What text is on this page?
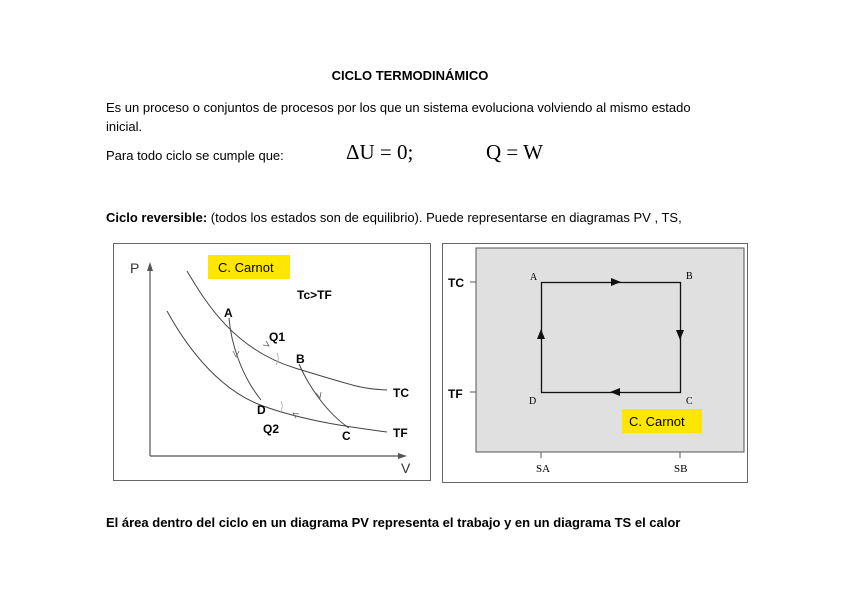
CICLO TERMODINÁMICO
Es un proceso o conjuntos de procesos por los que un sistema evoluciona volviendo al mismo estado inicial.
Para todo ciclo se cumple que:	ΔU = 0;	Q = W
Ciclo reversible: (todos los estados son de equilibrio). Puede representarse en diagramas PV , TS,
P
V
C. Carnot
Tc>TF
A
B
C
D
Q1
Q2
TC
TF
TC
TF
A	B
C
D
C. Carnot
SA	SB
El área dentro del ciclo en un diagrama PV representa el trabajo y en un diagrama TS el calor
